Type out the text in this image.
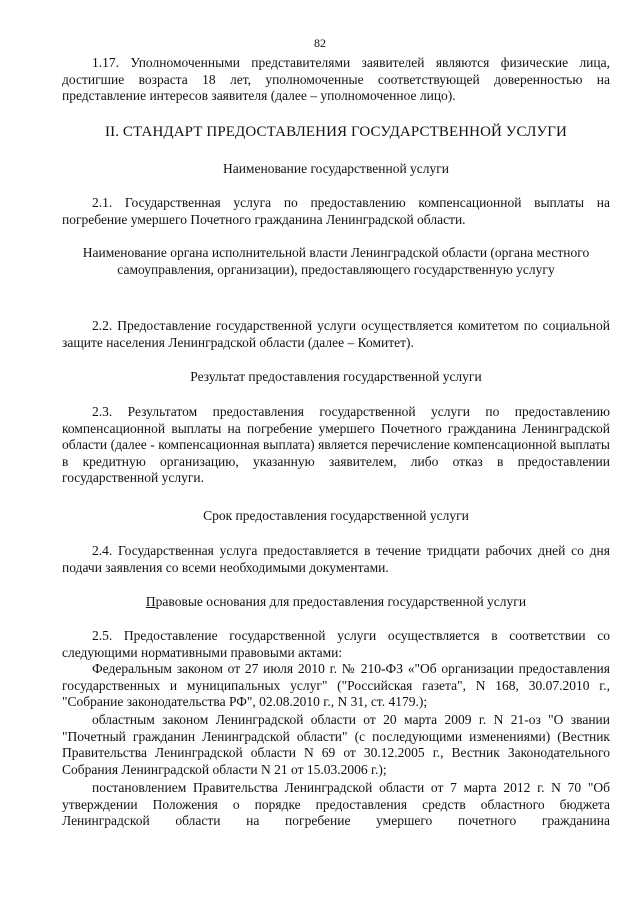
82

1.17. Уполномоченными представителями заявителей являются физические лица, достигшие возраста 18 лет, уполномоченные соответствующей доверенностью на представление интересов заявителя (далее – уполномоченное лицо).

II. СТАНДАРТ ПРЕДОСТАВЛЕНИЯ ГОСУДАРСТВЕННОЙ УСЛУГИ

Наименование государственной услуги

2.1. Государственная услуга по предоставлению компенсационной выплаты на погребение умершего Почетного гражданина Ленинградской области.

Наименование органа исполнительной власти Ленинградской области (органа местного самоуправления, организации), предоставляющего государственную услугу

2.2. Предоставление государственной услуги осуществляется комитетом по социальной защите населения Ленинградской области (далее – Комитет).

Результат предоставления государственной услуги

2.3. Результатом предоставления государственной услуги по предоставлению компенсационной выплаты на погребение умершего Почетного гражданина Ленинградской области (далее - компенсационная выплата) является перечисление компенсационной выплаты в кредитную организацию, указанную заявителем, либо отказ в предоставлении государственной услуги.

Срок предоставления государственной услуги

2.4. Государственная услуга предоставляется в течение тридцати рабочих дней со дня подачи заявления со всеми необходимыми документами.

Правовые основания для предоставления государственной услуги

2.5. Предоставление государственной услуги осуществляется в соответствии со следующими нормативными правовыми актами:

Федеральным законом от 27 июля 2010 г. № 210-ФЗ «"Об организации предоставления государственных и муниципальных услуг" ("Российская газета", N 168, 30.07.2010 г., "Собрание законодательства РФ", 02.08.2010 г., N 31, ст. 4179.);

областным законом Ленинградской области от 20 марта 2009 г. N 21-оз "О звании "Почетный гражданин Ленинградской области" (с последующими изменениями) (Вестник Правительства Ленинградской области N 69 от 30.12.2005 г., Вестник Законодательного Собрания Ленинградской области N 21 от 15.03.2006 г.);

постановлением Правительства Ленинградской области от 7 марта 2012 г. N 70 "Об утверждении Положения о порядке предоставления средств областного бюджета Ленинградской области на погребение умершего почетного гражданина
